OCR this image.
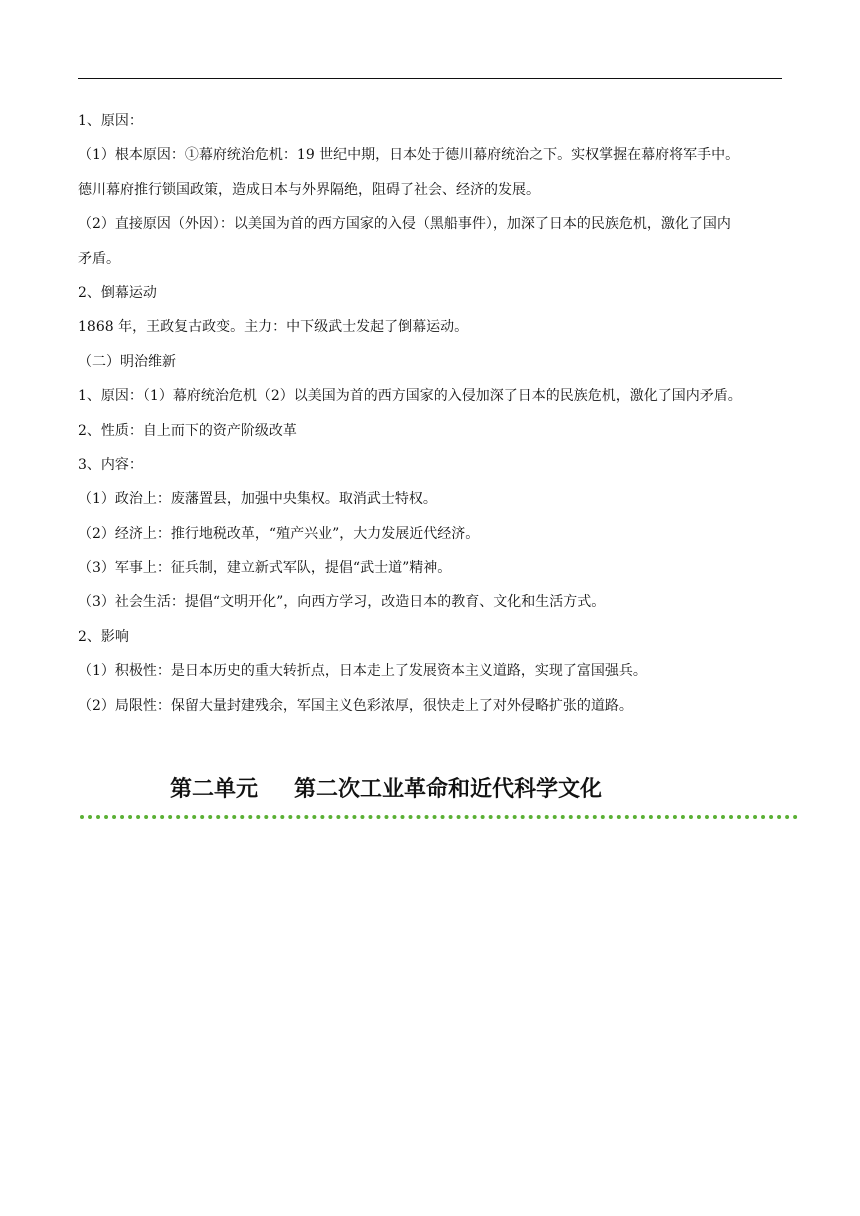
1、原因：
（1）根本原因：①幕府统治危机：19 世纪中期，日本处于德川幕府统治之下。实权掌握在幕府将军手中。
德川幕府推行锁国政策，造成日本与外界隔绝，阻碍了社会、经济的发展。
（2）直接原因（外因）：以美国为首的西方国家的入侵（黑船事件），加深了日本的民族危机，激化了国内
矛盾。
2、倒幕运动
1868 年，王政复古政变。主力：中下级武士发起了倒幕运动。
（二）明治维新
1、原因：（1）幕府统治危机（2）以美国为首的西方国家的入侵加深了日本的民族危机，激化了国内矛盾。
2、性质：自上而下的资产阶级改革
3、内容：
（1）政治上：废藩置县，加强中央集权。取消武士特权。
（2）经济上：推行地税改革，“殖产兴业”，大力发展近代经济。
（3）军事上：征兵制，建立新式军队，提倡“武士道”精神。
（3）社会生活：提倡“文明开化”，向西方学习，改造日本的教育、文化和生活方式。
2、影响
（1）积极性：是日本历史的重大转折点，日本走上了发展资本主义道路，实现了富国强兵。
（2）局限性：保留大量封建残余，军国主义色彩浓厚，很快走上了对外侵略扩张的道路。
第二单元 第二次工业革命和近代科学文化
